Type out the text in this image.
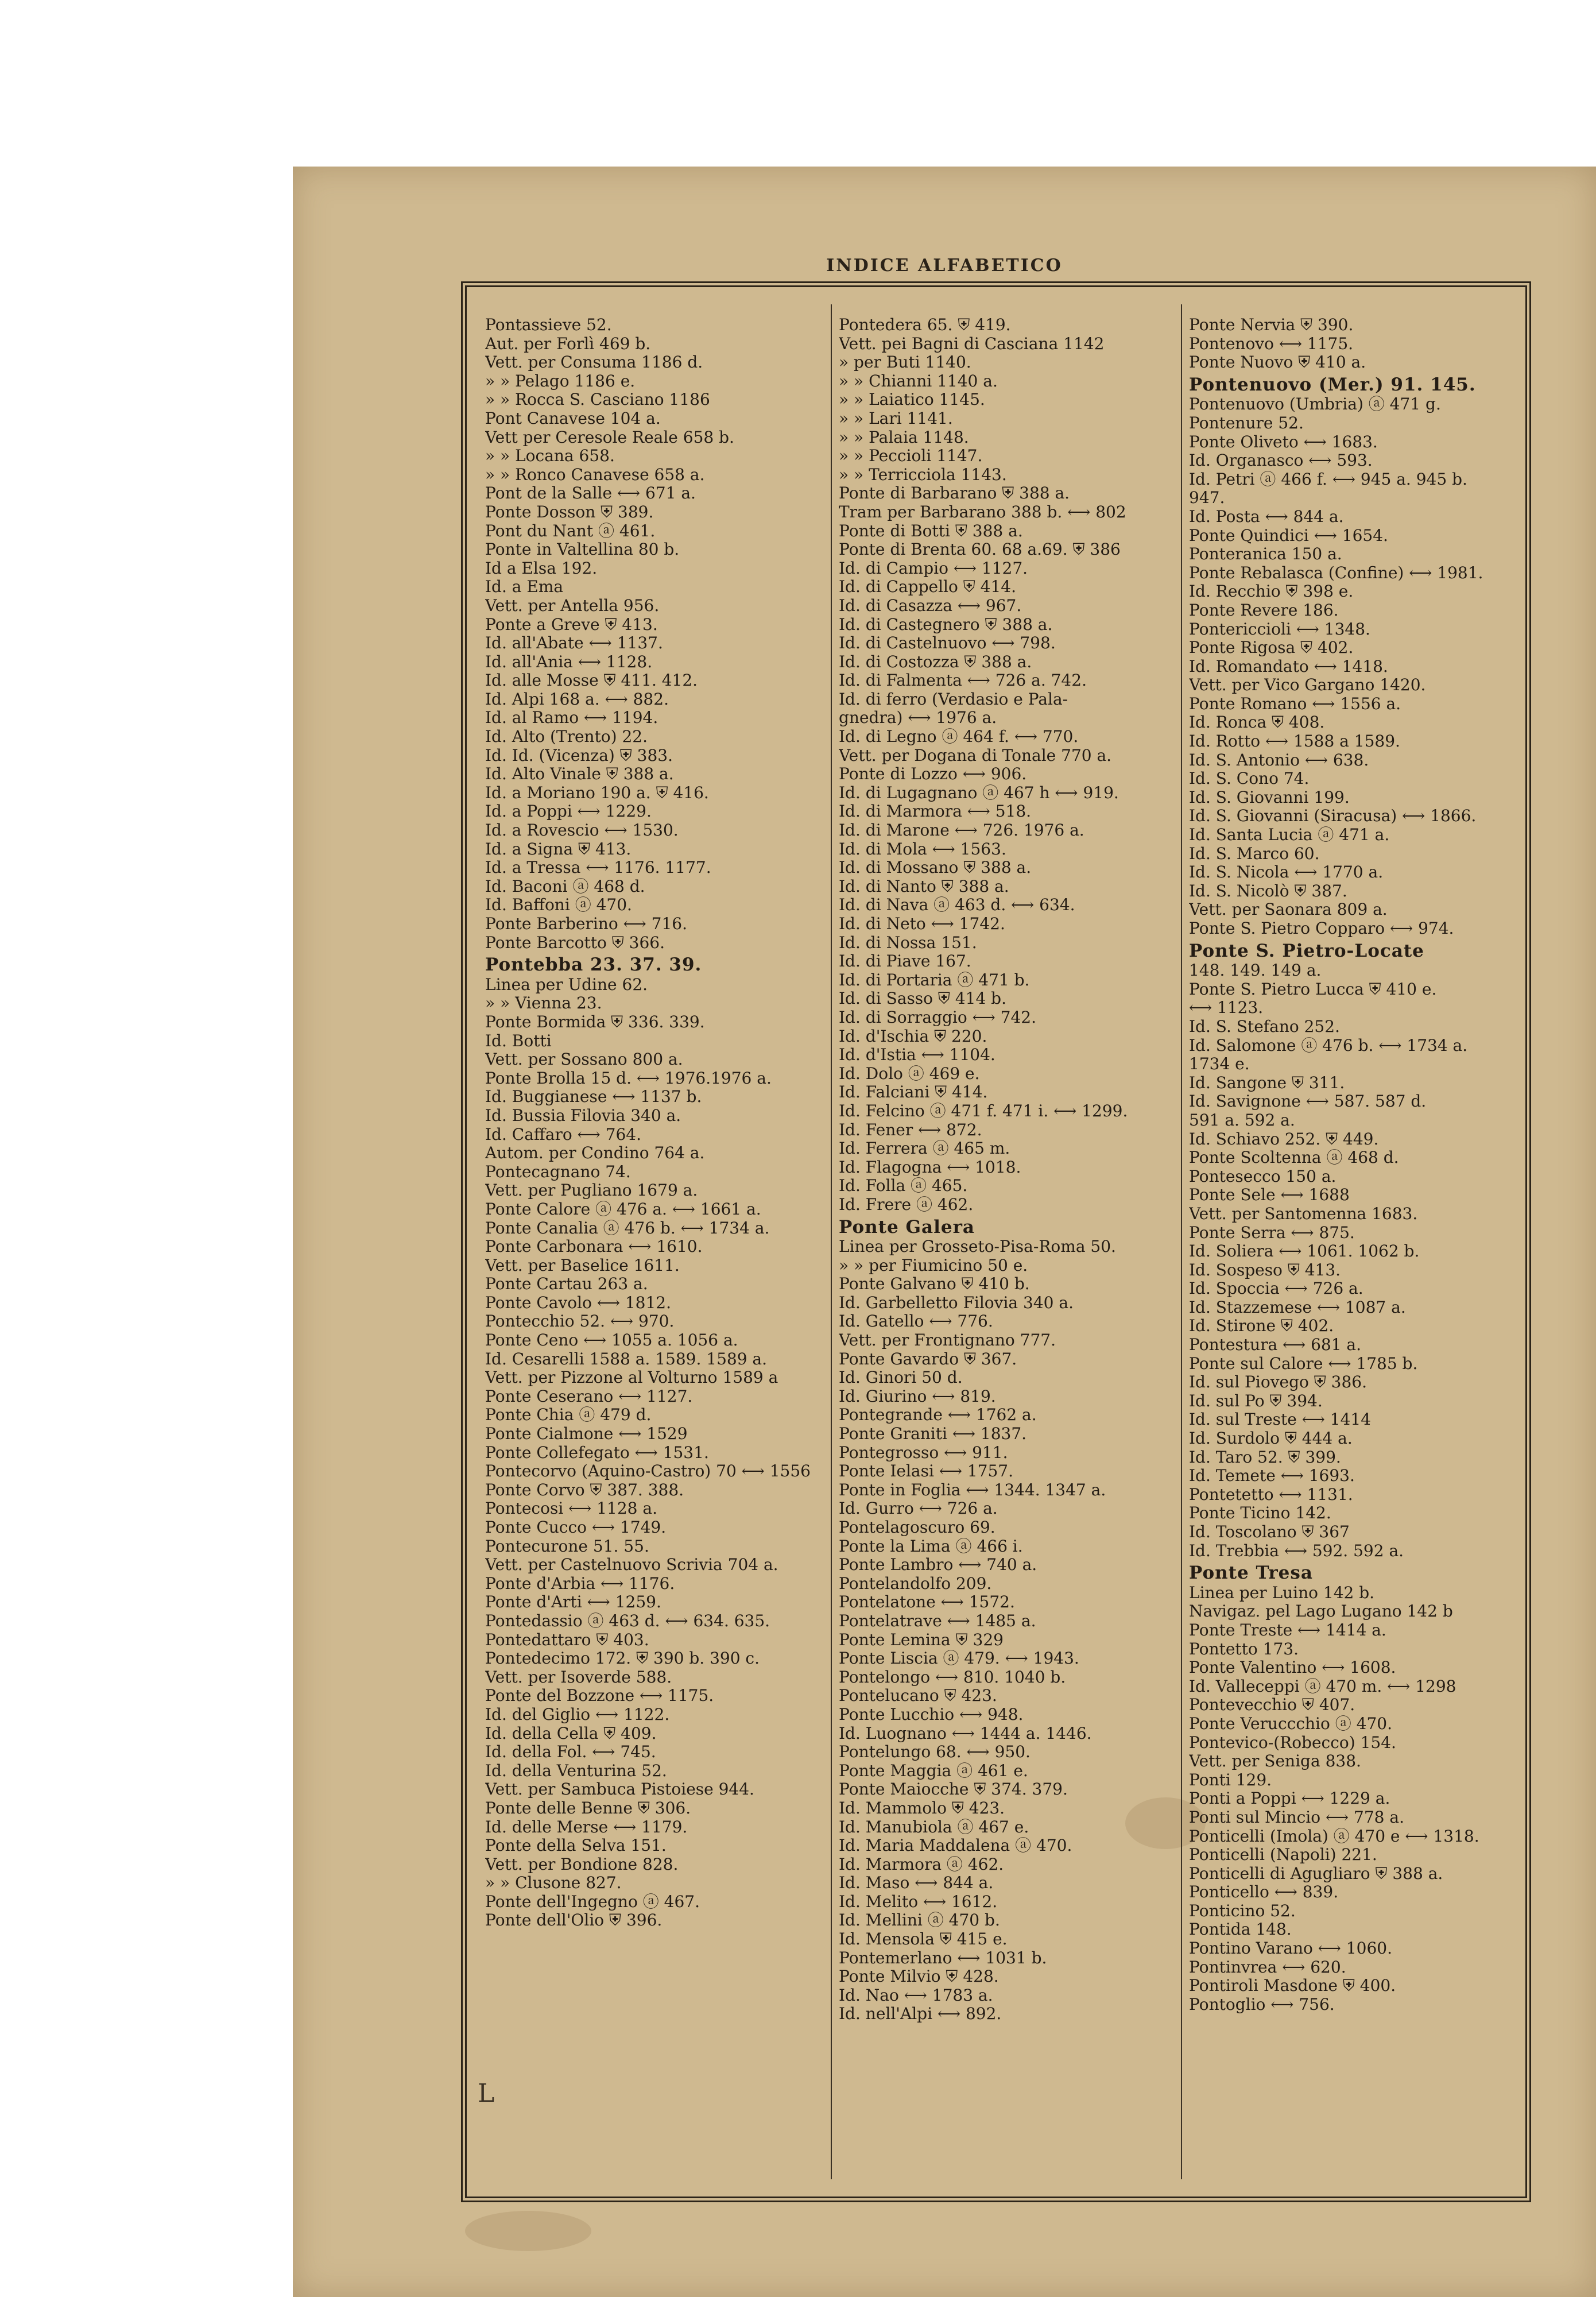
INDICE ALFABETICO
Pontassieve 52.
Aut. per Forlì 469 b.
Vett. per Consuma 1186 d.
» » Pelago 1186 e.
» » Rocca S. Casciano 1186
Pont Canavese 104 a.
Vett per Ceresole Reale 658 b.
» » Locana 658.
» » Ronco Canavese 658 a.
Pont de la Salle ⟷ 671 a.
Ponte Dosson ⛨ 389.
Pont du Nant ⓐ 461.
Ponte in Valtellina 80 b.
Id a Elsa 192.
Id. a Ema
Vett. per Antella 956.
Ponte a Greve ⛨ 413.
Id. all'Abate ⟷ 1137.
Id. all'Ania ⟷ 1128.
Id. alle Mosse ⛨ 411. 412.
Id. Alpi 168 a. ⟷ 882.
Id. al Ramo ⟷ 1194.
Id. Alto (Trento) 22.
Id. Id. (Vicenza) ⛨ 383.
Id. Alto Vinale ⛨ 388 a.
Id. a Moriano 190 a. ⛨ 416.
Id. a Poppi ⟷ 1229.
Id. a Rovescio ⟷ 1530.
Id. a Signa ⛨ 413.
Id. a Tressa ⟷ 1176. 1177.
Id. Baconi ⓐ 468 d.
Id. Baffoni ⓐ 470.
Ponte Barberino ⟷ 716.
Ponte Barcotto ⛨ 366.
Pontebba 23. 37. 39.
Linea per Udine 62.
» » Vienna 23.
Ponte Bormida ⛨ 336. 339.
Id. Botti
Vett. per Sossano 800 a.
Ponte Brolla 15 d. ⟷ 1976.1976 a.
Id. Buggianese ⟷ 1137 b.
Id. Bussia Filovia 340 a.
Id. Caffaro ⟷ 764.
Autom. per Condino 764 a.
Pontecagnano 74.
Vett. per Pugliano 1679 a.
Ponte Calore ⓐ 476 a. ⟷ 1661 a.
Ponte Canalia ⓐ 476 b. ⟷ 1734 a.
Ponte Carbonara ⟷ 1610.
Vett. per Baselice 1611.
Ponte Cartau 263 a.
Ponte Cavolo ⟷ 1812.
Pontecchio 52. ⟷ 970.
Ponte Ceno ⟷ 1055 a. 1056 a.
Id. Cesarelli 1588 a. 1589. 1589 a.
Vett. per Pizzone al Volturno 1589 a
Ponte Ceserano ⟷ 1127.
Ponte Chia ⓐ 479 d.
Ponte Cialmone ⟷ 1529
Ponte Collefegato ⟷ 1531.
Pontecorvo (Aquino-Castro) 70 ⟷ 1556
Ponte Corvo ⛨ 387. 388.
Pontecosi ⟷ 1128 a.
Ponte Cucco ⟷ 1749.
Pontecurone 51. 55.
Vett. per Castelnuovo Scrivia 704 a.
Ponte d'Arbia ⟷ 1176.
Ponte d'Arti ⟷ 1259.
Pontedassio ⓐ 463 d. ⟷ 634. 635.
Pontedattaro ⛨ 403.
Pontedecimo 172. ⛨ 390 b. 390 c.
Vett. per Isoverde 588.
Ponte del Bozzone ⟷ 1175.
Id. del Giglio ⟷ 1122.
Id. della Cella ⛨ 409.
Id. della Fol. ⟷ 745.
Id. della Venturina 52.
Vett. per Sambuca Pistoiese 944.
Ponte delle Benne ⛨ 306.
Id. delle Merse ⟷ 1179.
Ponte della Selva 151.
Vett. per Bondione 828.
» » Clusone 827.
Ponte dell'Ingegno ⓐ 467.
Ponte dell'Olio ⛨ 396.
Pontedera 65. ⛨ 419.
Vett. pei Bagni di Casciana 1142
» per Buti 1140.
» » Chianni 1140 a.
» » Laiatico 1145.
» » Lari 1141.
» » Palaia 1148.
» » Peccioli 1147.
» » Terricciola 1143.
Ponte di Barbarano ⛨ 388 a.
Tram per Barbarano 388 b. ⟷ 802
Ponte di Botti ⛨ 388 a.
Ponte di Brenta 60. 68 a.69. ⛨ 386
Id. di Campio ⟷ 1127.
Id. di Cappello ⛨ 414.
Id. di Casazza ⟷ 967.
Id. di Castegnero ⛨ 388 a.
Id. di Castelnuovo ⟷ 798.
Id. di Costozza ⛨ 388 a.
Id. di Falmenta ⟷ 726 a. 742.
Id. di ferro (Verdasio e Pala-
gnedra) ⟷ 1976 a.
Id. di Legno ⓐ 464 f. ⟷ 770.
Vett. per Dogana di Tonale 770 a.
Ponte di Lozzo ⟷ 906.
Id. di Lugagnano ⓐ 467 h ⟷ 919.
Id. di Marmora ⟷ 518.
Id. di Marone ⟷ 726. 1976 a.
Id. di Mola ⟷ 1563.
Id. di Mossano ⛨ 388 a.
Id. di Nanto ⛨ 388 a.
Id. di Nava ⓐ 463 d. ⟷ 634.
Id. di Neto ⟷ 1742.
Id. di Nossa 151.
Id. di Piave 167.
Id. di Portaria ⓐ 471 b.
Id. di Sasso ⛨ 414 b.
Id. di Sorraggio ⟷ 742.
Id. d'Ischia ⛨ 220.
Id. d'Istia ⟷ 1104.
Id. Dolo ⓐ 469 e.
Id. Falciani ⛨ 414.
Id. Felcino ⓐ 471 f. 471 i. ⟷ 1299.
Id. Fener ⟷ 872.
Id. Ferrera ⓐ 465 m.
Id. Flagogna ⟷ 1018.
Id. Folla ⓐ 465.
Id. Frere ⓐ 462.
Ponte Galera
Linea per Grosseto-Pisa-Roma 50.
» » per Fiumicino 50 e.
Ponte Galvano ⛨ 410 b.
Id. Garbelletto Filovia 340 a.
Id. Gatello ⟷ 776.
Vett. per Frontignano 777.
Ponte Gavardo ⛨ 367.
Id. Ginori 50 d.
Id. Giurino ⟷ 819.
Pontegrande ⟷ 1762 a.
Ponte Graniti ⟷ 1837.
Pontegrosso ⟷ 911.
Ponte Ielasi ⟷ 1757.
Ponte in Foglia ⟷ 1344. 1347 a.
Id. Gurro ⟷ 726 a.
Pontelagoscuro 69.
Ponte la Lima ⓐ 466 i.
Ponte Lambro ⟷ 740 a.
Pontelandolfo 209.
Pontelatone ⟷ 1572.
Pontelatrave ⟷ 1485 a.
Ponte Lemina ⛨ 329
Ponte Liscia ⓐ 479. ⟷ 1943.
Pontelongo ⟷ 810. 1040 b.
Pontelucano ⛨ 423.
Ponte Lucchio ⟷ 948.
Id. Luognano ⟷ 1444 a. 1446.
Pontelungo 68. ⟷ 950.
Ponte Maggia ⓐ 461 e.
Ponte Maiocche ⛨ 374. 379.
Id. Mammolo ⛨ 423.
Id. Manubiola ⓐ 467 e.
Id. Maria Maddalena ⓐ 470.
Id. Marmora ⓐ 462.
Id. Maso ⟷ 844 a.
Id. Melito ⟷ 1612.
Id. Mellini ⓐ 470 b.
Id. Mensola ⛨ 415 e.
Pontemerlano ⟷ 1031 b.
Ponte Milvio ⛨ 428.
Id. Nao ⟷ 1783 a.
Id. nell'Alpi ⟷ 892.
Ponte Nervia ⛨ 390.
Pontenovo ⟷ 1175.
Ponte Nuovo ⛨ 410 a.
Pontenuovo (Mer.) 91. 145.
Pontenuovo (Umbria) ⓐ 471 g.
Pontenure 52.
Ponte Oliveto ⟷ 1683.
Id. Organasco ⟷ 593.
Id. Petri ⓐ 466 f. ⟷ 945 a. 945 b.
947.
Id. Posta ⟷ 844 a.
Ponte Quindici ⟷ 1654.
Ponteranica 150 a.
Ponte Rebalasca (Confine) ⟷ 1981.
Id. Recchio ⛨ 398 e.
Ponte Revere 186.
Pontericcioli ⟷ 1348.
Ponte Rigosa ⛨ 402.
Id. Romandato ⟷ 1418.
Vett. per Vico Gargano 1420.
Ponte Romano ⟷ 1556 a.
Id. Ronca ⛨ 408.
Id. Rotto ⟷ 1588 a 1589.
Id. S. Antonio ⟷ 638.
Id. S. Cono 74.
Id. S. Giovanni 199.
Id. S. Giovanni (Siracusa) ⟷ 1866.
Id. Santa Lucia ⓐ 471 a.
Id. S. Marco 60.
Id. S. Nicola ⟷ 1770 a.
Id. S. Nicolò ⛨ 387.
Vett. per Saonara 809 a.
Ponte S. Pietro Copparo ⟷ 974.
Ponte S. Pietro-Locate
148. 149. 149 a.
Ponte S. Pietro Lucca ⛨ 410 e.
⟷ 1123.
Id. S. Stefano 252.
Id. Salomone ⓐ 476 b. ⟷ 1734 a.
1734 e.
Id. Sangone ⛨ 311.
Id. Savignone ⟷ 587. 587 d.
591 a. 592 a.
Id. Schiavo 252. ⛨ 449.
Ponte Scoltenna ⓐ 468 d.
Pontesecco 150 a.
Ponte Sele ⟷ 1688
Vett. per Santomenna 1683.
Ponte Serra ⟷ 875.
Id. Soliera ⟷ 1061. 1062 b.
Id. Sospeso ⛨ 413.
Id. Spoccia ⟷ 726 a.
Id. Stazzemese ⟷ 1087 a.
Id. Stirone ⛨ 402.
Pontestura ⟷ 681 a.
Ponte sul Calore ⟷ 1785 b.
Id. sul Piovego ⛨ 386.
Id. sul Po ⛨ 394.
Id. sul Treste ⟷ 1414
Id. Surdolo ⛨ 444 a.
Id. Taro 52. ⛨ 399.
Id. Temete ⟷ 1693.
Pontetetto ⟷ 1131.
Ponte Ticino 142.
Id. Toscolano ⛨ 367
Id. Trebbia ⟷ 592. 592 a.
Ponte Tresa
Linea per Luino 142 b.
Navigaz. pel Lago Lugano 142 b
Ponte Treste ⟷ 1414 a.
Pontetto 173.
Ponte Valentino ⟷ 1608.
Id. Valleceppi ⓐ 470 m. ⟷ 1298
Pontevecchio ⛨ 407.
Ponte Veruccchio ⓐ 470.
Pontevico-(Robecco) 154.
Vett. per Seniga 838.
Ponti 129.
Ponti a Poppi ⟷ 1229 a.
Ponti sul Mincio ⟷ 778 a.
Ponticelli (Imola) ⓐ 470 e ⟷ 1318.
Ponticelli (Napoli) 221.
Ponticelli di Agugliaro ⛨ 388 a.
Ponticello ⟷ 839.
Ponticino 52.
Pontida 148.
Pontino Varano ⟷ 1060.
Pontinvrea ⟷ 620.
Pontiroli Masdone ⛨ 400.
Pontoglio ⟷ 756.
L
